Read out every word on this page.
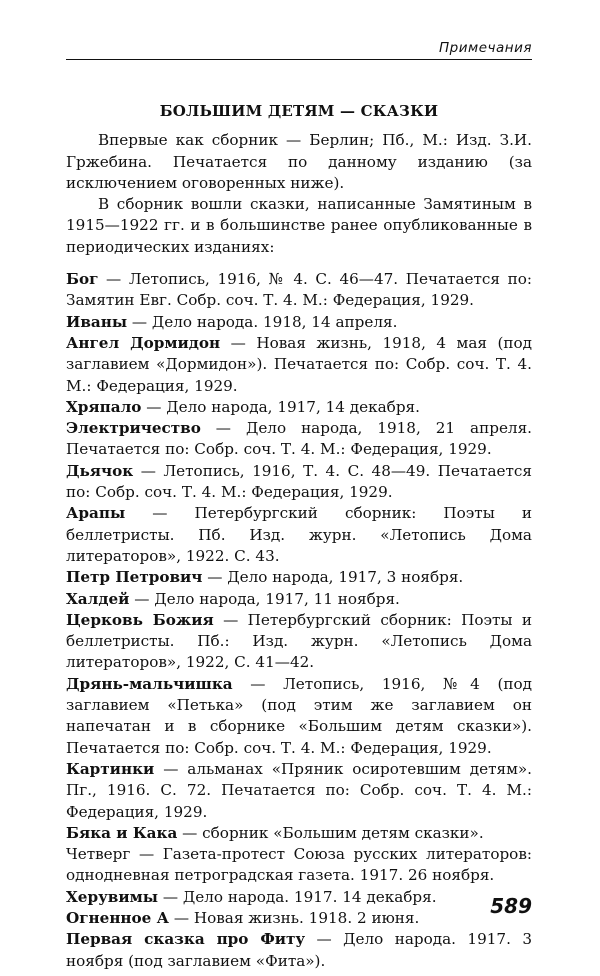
Примечания
БОЛЬШИМ ДЕТЯМ — СКАЗКИ

Впервые как сборник — Берлин; Пб., М.: Изд. З.И. Гржебина. Печатается по данному изданию (за исключением оговоренных ниже).

В сборник вошли сказки, написанные Замятиным в 1915—1922 гг. и в большинстве ранее опубликованные в периодических изданиях:

Бог — Летопись, 1916, № 4. С. 46—47. Печатается по: Замятин Евг. Собр. соч. Т. 4. М.: Федерация, 1929.

Иваны — Дело народа. 1918, 14 апреля.

Ангел Дормидон — Новая жизнь, 1918, 4 мая (под заглавием «Дормидон»). Печатается по: Собр. соч. Т. 4. М.: Федерация, 1929.

Хряпало — Дело народа, 1917, 14 декабря.

Электричество — Дело народа, 1918, 21 апреля. Печатается по: Собр. соч. Т. 4. М.: Федерация, 1929.

Дьячок — Летопись, 1916, Т. 4. С. 48—49. Печатается по: Собр. соч. Т. 4. М.: Федерация, 1929.

Арапы — Петербургский сборник: Поэты и беллетристы. Пб. Изд. журн. «Летопись Дома литераторов», 1922. С. 43.

Петр Петрович — Дело народа, 1917, 3 ноября.

Халдей — Дело народа, 1917, 11 ноября.

Церковь Божия — Петербургский сборник: Поэты и беллетристы. Пб.: Изд. журн. «Летопись Дома литераторов», 1922, С. 41—42.

Дрянь-мальчишка — Летопись, 1916, №4 (под заглавием «Петька» (под этим же заглавием он напечатан и в сборнике «Большим детям сказки»). Печатается по: Собр. соч. Т. 4. М.: Федерация, 1929.

Картинки — альманах «Пряник осиротевшим детям». Пг., 1916. С. 72. Печатается по: Собр. соч. Т. 4. М.: Федерация, 1929.

Бяка и Кака — сборник «Большим детям сказки».

Четверг — Газета-протест Союза русских литераторов: однодневная петроградская газета. 1917. 26 ноября.

Херувимы — Дело народа. 1917. 14 декабря.

Огненное А — Новая жизнь. 1918. 2 июня.

Первая сказка про Фиту — Дело народа. 1917. 3 ноября (под заглавием «Фита»).

589
